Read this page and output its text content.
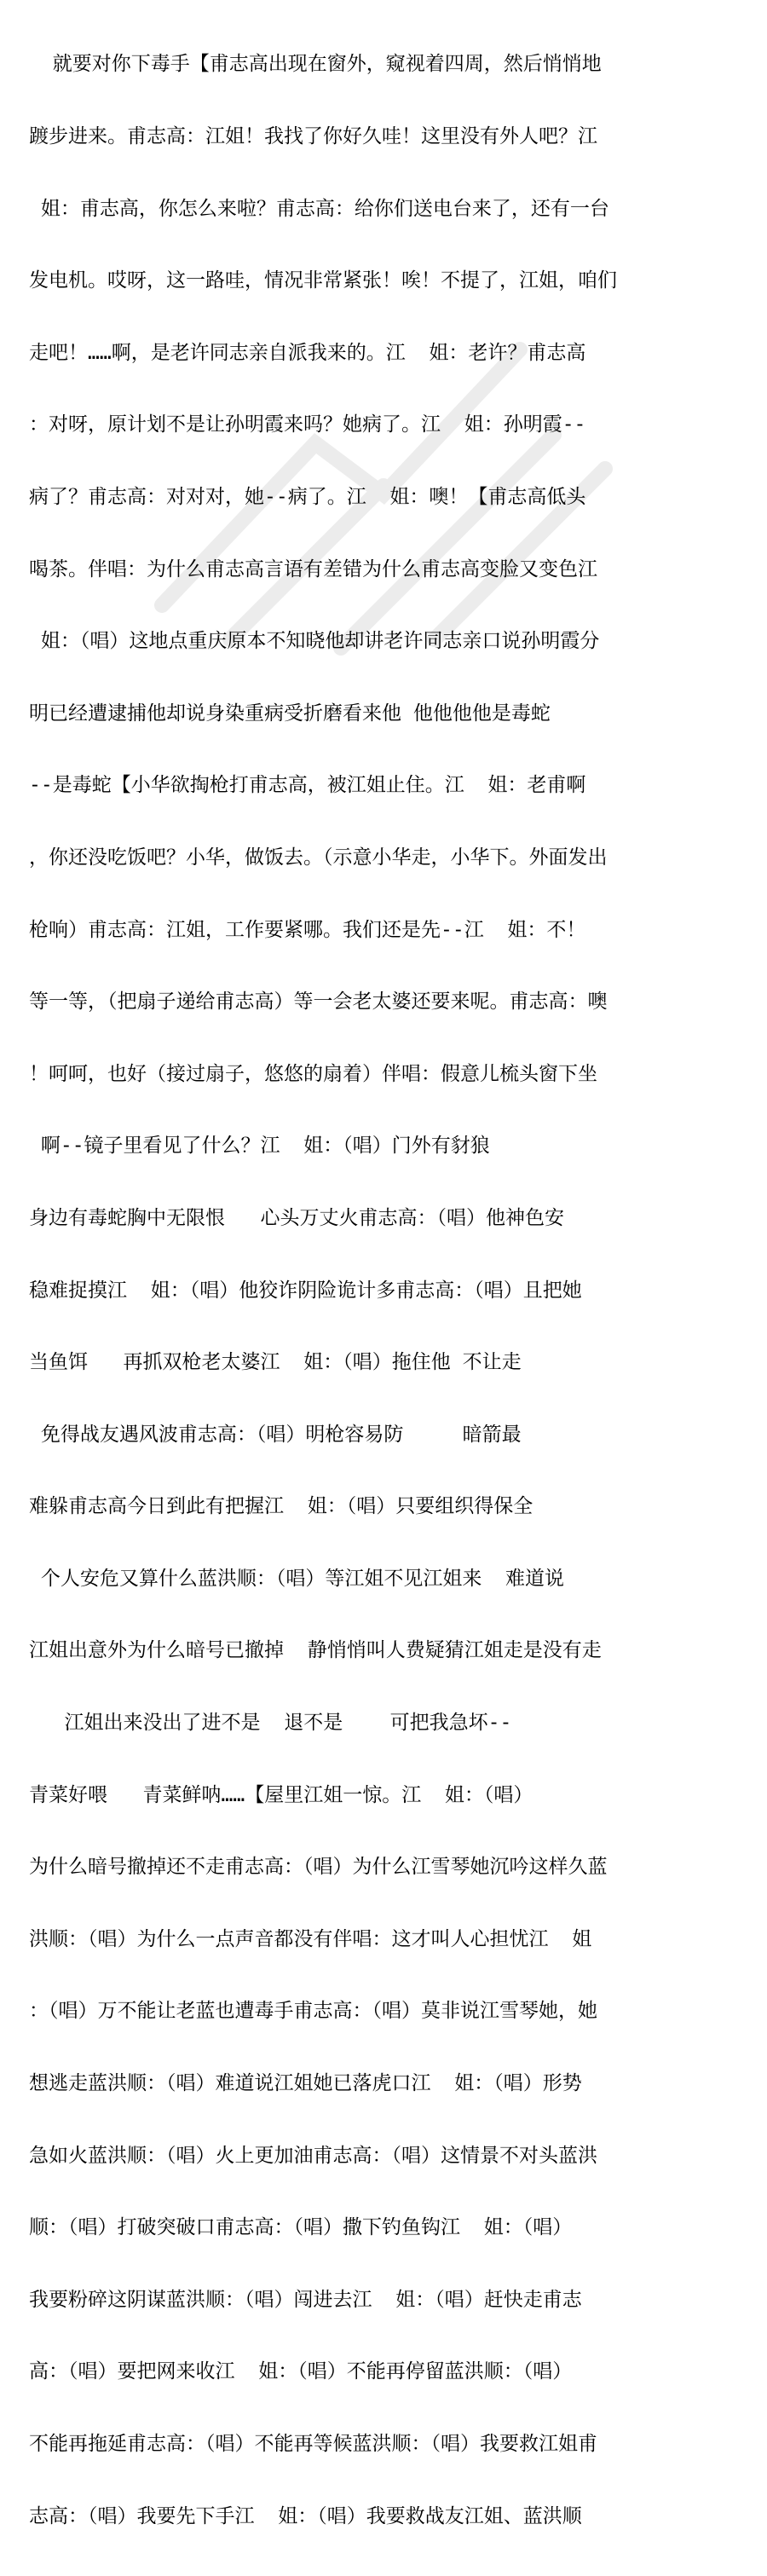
就要对你下毒手【甫志高出现在窗外，窥视着四周，然后悄悄地

踱步进来。甫志高：江姐！我找了你好久哇！这里没有外人吧？江

姐：甫志高，你怎么来啦？甫志高：给你们送电台来了，还有一台

发电机。哎呀，这一路哇，情况非常紧张！唉！不提了，江姐，咱们

走吧！……啊，是老许同志亲自派我来的。江  姐：老许？甫志高

：对呀，原计划不是让孙明霞来吗？她病了。江  姐：孙明霞--

病了？甫志高：对对对，她--病了。江  姐：噢！【甫志高低头

喝茶。伴唱：为什么甫志高言语有差错为什么甫志高变脸又变色江

姐：（唱）这地点重庆原本不知晓他却讲老许同志亲口说孙明霞分

明已经遭逮捕他却说身染重病受折磨看来他 他他他他是毒蛇

--是毒蛇【小华欲掏枪打甫志高，被江姐止住。江  姐：老甫啊

，你还没吃饭吧？小华，做饭去。（示意小华走，小华下。外面发出

枪响）甫志高：江姐，工作要紧哪。我们还是先--江  姐：不！

等一等，（把扇子递给甫志高）等一会老太婆还要来呢。甫志高：噢

！呵呵，也好（接过扇子，悠悠的扇着）伴唱：假意儿梳头窗下坐

啊--镜子里看见了什么？江  姐：（唱）门外有豺狼

身边有毒蛇胸中无限恨   心头万丈火甫志高：（唱）他神色安

稳难捉摸江  姐：（唱）他狡诈阴险诡计多甫志高：（唱）且把她

当鱼饵   再抓双枪老太婆江  姐：（唱）拖住他 不让走

免得战友遇风波甫志高：（唱）明枪容易防     暗箭最

难躲甫志高今日到此有把握江  姐：（唱）只要组织得保全

个人安危又算什么蓝洪顺：（唱）等江姐不见江姐来  难道说

江姐出意外为什么暗号已撤掉  静悄悄叫人费疑猜江姐走是没有走

江姐出来没出了进不是  退不是    可把我急坏--

青菜好喂   青菜鲜呐……【屋里江姐一惊。江  姐：（唱）

为什么暗号撤掉还不走甫志高：（唱）为什么江雪琴她沉吟这样久蓝

洪顺：（唱）为什么一点声音都没有伴唱：这才叫人心担忧江  姐

：（唱）万不能让老蓝也遭毒手甫志高：（唱）莫非说江雪琴她，她

想逃走蓝洪顺：（唱）难道说江姐她已落虎口江  姐：（唱）形势

急如火蓝洪顺：（唱）火上更加油甫志高：（唱）这情景不对头蓝洪

顺：（唱）打破突破口甫志高：（唱）撒下钓鱼钩江  姐：（唱）

我要粉碎这阴谋蓝洪顺：（唱）闯进去江  姐：（唱）赶快走甫志

高：（唱）要把网来收江  姐：（唱）不能再停留蓝洪顺：（唱）

不能再拖延甫志高：（唱）不能再等候蓝洪顺：（唱）我要救江姐甫

志高：（唱）我要先下手江  姐：（唱）我要救战友江姐、蓝洪顺
